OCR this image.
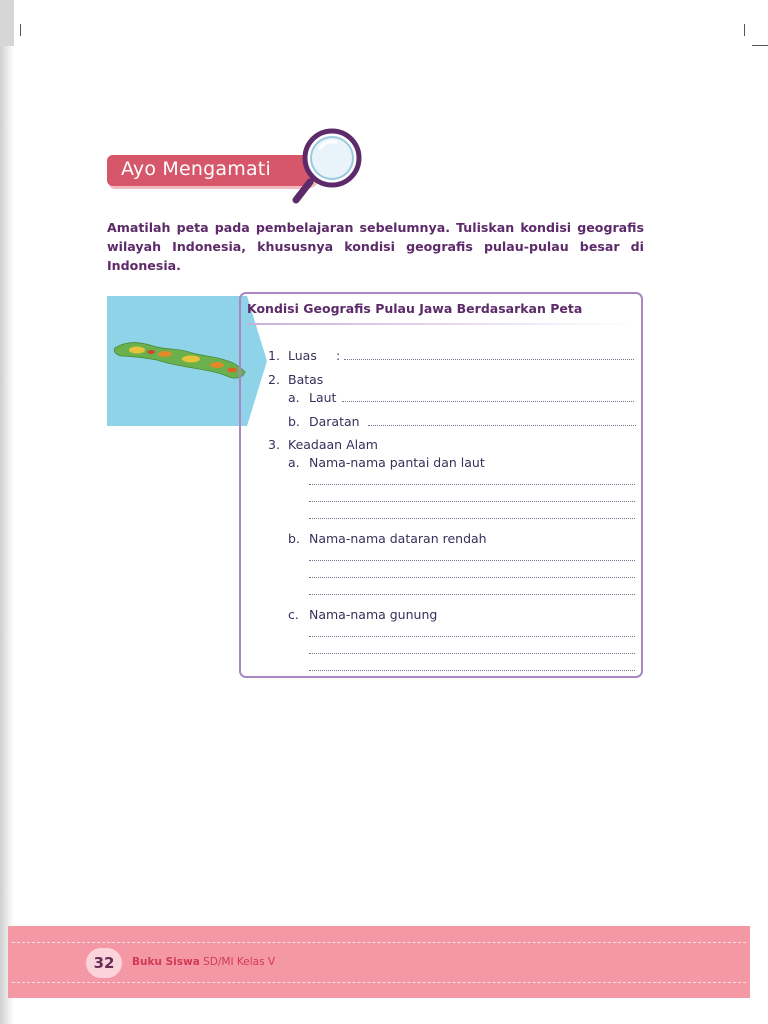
Ayo Mengamati
Amatilah peta pada pembelajaran sebelumnya. Tuliskan kondisi geografis wilayah Indonesia, khususnya kondisi geografis pulau-pulau besar di Indonesia.
Kondisi Geografis Pulau Jawa Berdasarkan Peta
1. Luas :
2. Batas
a. Laut
b. Daratan
3. Keadaan Alam
a. Nama-nama pantai dan laut
b. Nama-nama dataran rendah
c. Nama-nama gunung
32	Buku Siswa SD/MI Kelas V
